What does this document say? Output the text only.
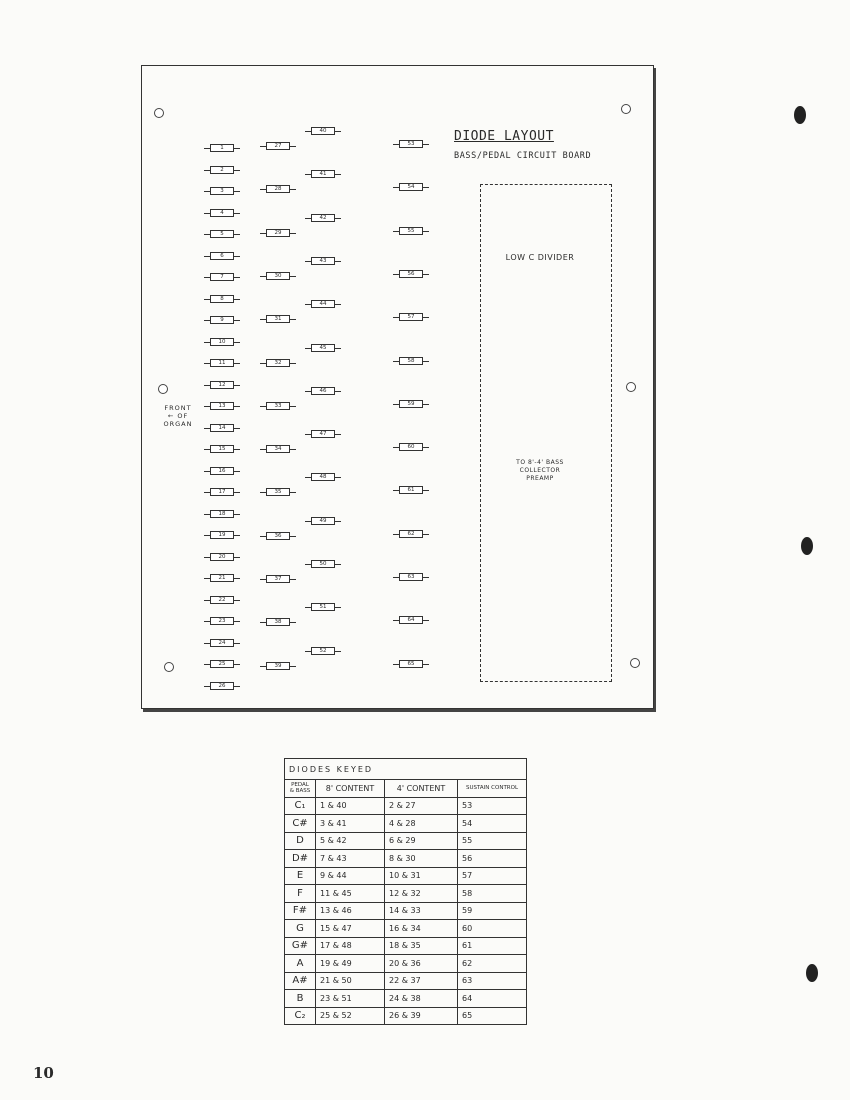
DIODE LAYOUT
BASS/PEDAL CIRCUIT BOARD
LOW C DIVIDER
TO 8'-4' BASS
COLLECTOR
PREAMP
FRONT
← OF
ORGAN
1
2
3
4
5
6
7
8
9
10
11
12
13
14
15
16
17
18
19
20
21
22
23
24
25
26
27
28
29
30
31
32
33
34
35
36
37
38
39
40
41
42
43
44
45
46
47
48
49
50
51
52
53
54
55
56
57
58
59
60
61
62
63
64
65
DIODES KEYED			
PEDAL & BASS	8' CONTENT	4' CONTENT	SUSTAIN CONTROL
C₁	1 & 40	2 & 27	53
C#	3 & 41	4 & 28	54
D	5 & 42	6 & 29	55
D#	7 & 43	8 & 30	56
E	9 & 44	10 & 31	57
F	11 & 45	12 & 32	58
F#	13 & 46	14 & 33	59
G	15 & 47	16 & 34	60
G#	17 & 48	18 & 35	61
A	19 & 49	20 & 36	62
A#	21 & 50	22 & 37	63
B	23 & 51	24 & 38	64
C₂	25 & 52	26 & 39	65
10
